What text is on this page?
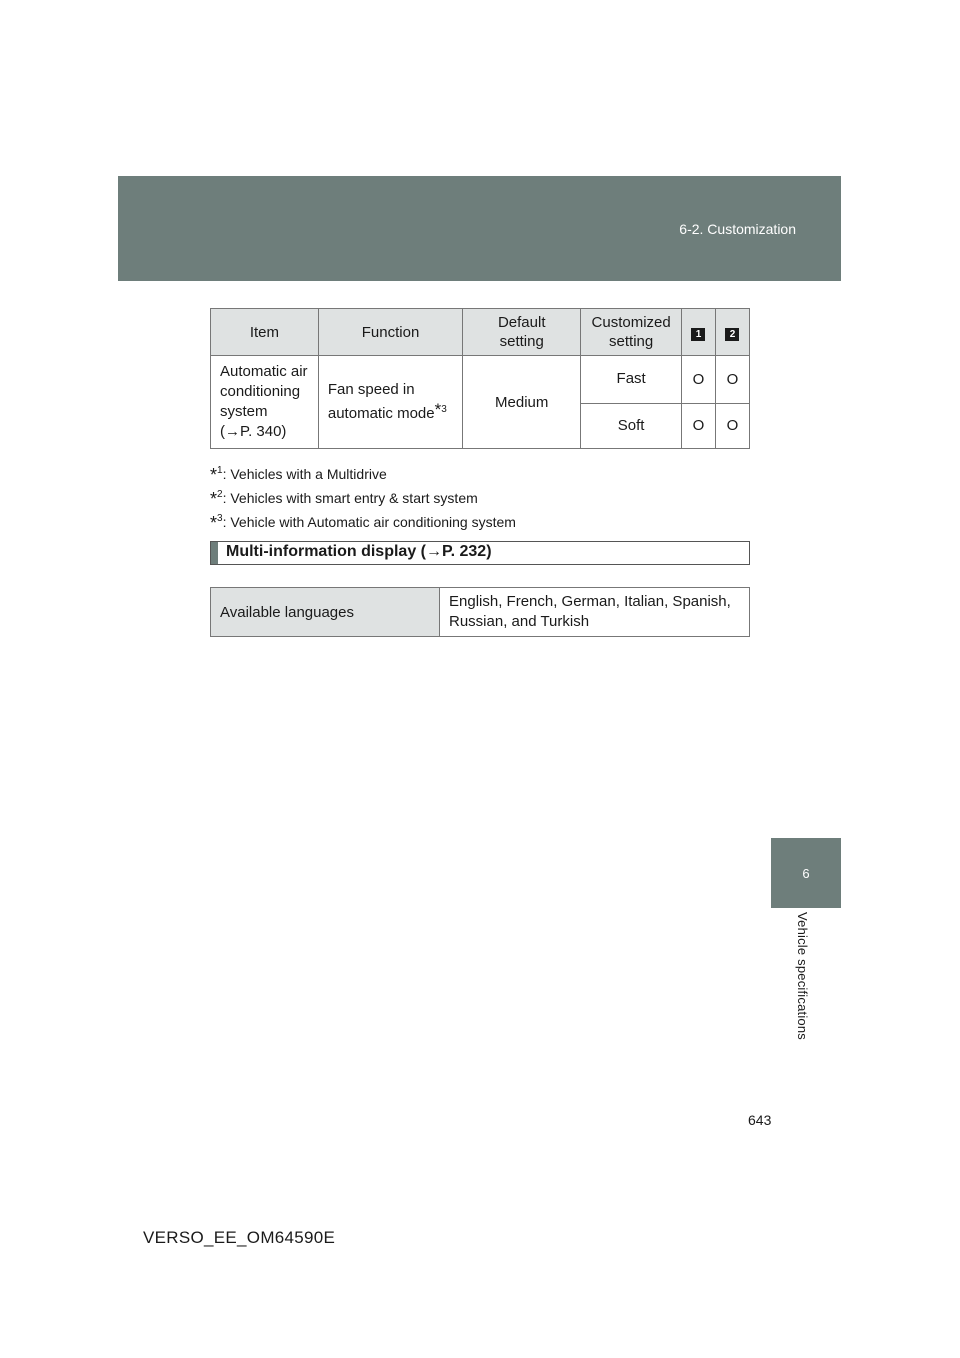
6-2. Customization
Item	Function	Default setting	Customized setting	1	2
Automatic air conditioning system
(→P. 340)	Fan speed in automatic mode*$^3$	Medium	Fast	O	O
			Soft	O	O
*$^1$: Vehicles with a Multidrive
*$^2$: Vehicles with smart entry & start system
*$^3$: Vehicle with Automatic air conditioning system
Multi-information display (→P. 232)
Available languages	English, French, German, Italian, Spanish, Russian, and Turkish
6
Vehicle specifications
643
VERSO_EE_OM64590E
